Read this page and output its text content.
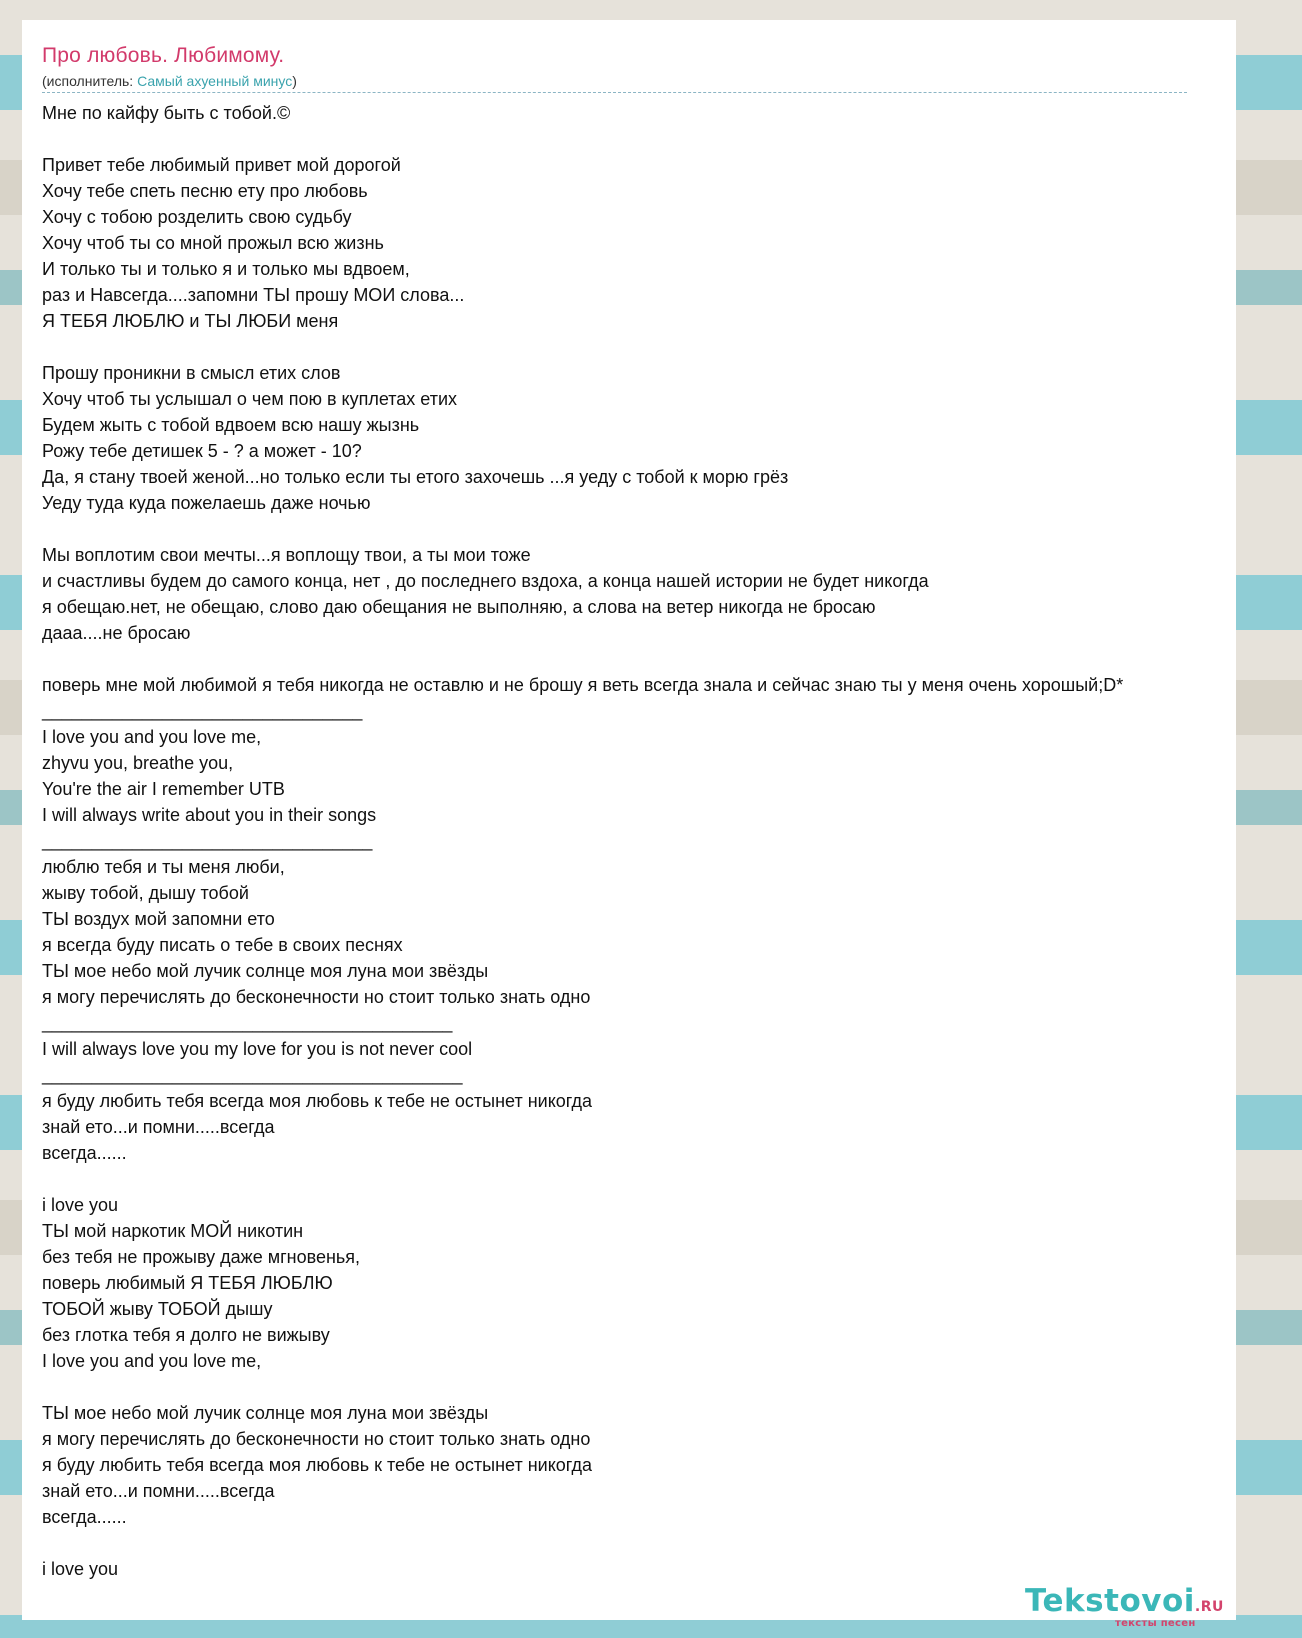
Про любовь. Любимому.
(исполнитель: Самый ахуенный минус)
Мне по кайфу быть с тобой.©

Привет тебе любимый привет мой дорогой
Хочу тебе спеть песню ету про любовь
Хочу с тобою розделить свою судьбу
Хочу чтоб ты со мной прожыл всю жизнь
И только ты и только я и только мы вдвоем,
раз и Навсегда....запомни ТЫ прошу МОИ слова...
Я ТЕБЯ ЛЮБЛЮ и ТЫ ЛЮБИ меня

Прошу проникни в смысл етих слов
Хочу чтоб ты услышал о чем пою в куплетах етих
Будем жыть с тобой вдвоем всю нашу жызнь
Рожу тебе детишек 5 - ? а может - 10?
Да, я стану твоей женой...но только если ты етого захочешь ...я уеду с тобой к морю грёз
Уеду туда куда пожелаешь даже ночью

Мы воплотим свои мечты...я воплощу твои, а ты мои тоже
и счастливы будем до самого конца, нет , до последнего вздоха, а конца нашей истории не будет никогда
я обещаю.нет, не обещаю, слово даю обещания не выполняю, а слова на ветер никогда не бросаю
дааа....не бросаю

поверь мне мой любимой я тебя никогда не оставлю и не брошу я веть всегда знала и сейчас знаю ты у меня очень хорошый;D*
________________________________
I love you and you love me,
zhyvu you, breathe you,
You're the air I remember UTB
I will always write about you in their songs
_________________________________
люблю тебя и ты меня люби,
жыву тобой, дышу тобой
ТЫ воздух мой запомни ето
я всегда буду писать о тебе в своих песнях
ТЫ мое небо мой лучик солнце моя луна мои звёзды
я могу перечислять до бесконечности но стоит только знать одно
_________________________________________
I will always love you my love for you is not never cool
__________________________________________
я буду любить тебя всегда моя любовь к тебе не остынет никогда
знай ето...и помни.....всегда
всегда......

i love you
ТЫ мой наркотик МОЙ никотин
без тебя не прожыву даже мгновенья,
поверь любимый Я ТЕБЯ ЛЮБЛЮ
ТОБОЙ жыву ТОБОЙ дышу
без глотка тебя я долго не вижыву
I love you and you love me,

ТЫ мое небо мой лучик солнце моя луна мои звёзды
я могу перечислять до бесконечности но стоит только знать одно
я буду любить тебя всегда моя любовь к тебе не остынет никогда
знай ето...и помни.....всегда
всегда......

i love you
Tekstovoi.RU
тексты песен
